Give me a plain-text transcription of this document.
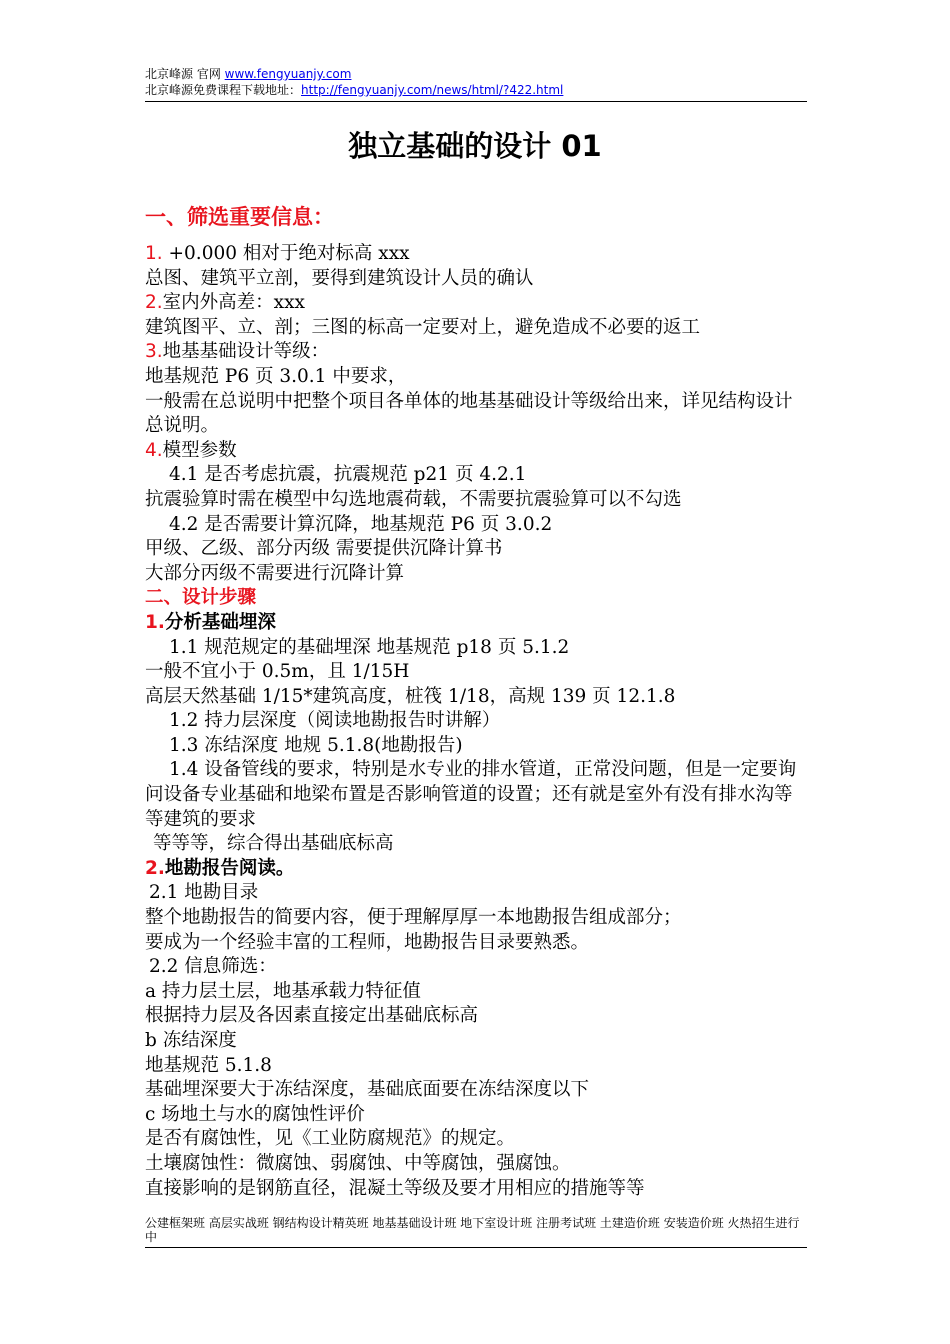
北京峰源 官网 www.fengyuanjy.com
北京峰源免费课程下载地址：http://fengyuanjy.com/news/html/?422.html
独立基础的设计 01
一、筛选重要信息：

1. +0.000 相对于绝对标高 xxx

总图、建筑平立剖，要得到建筑设计人员的确认

2.室内外高差：xxx

建筑图平、立、剖；三图的标高一定要对上，避免造成不必要的返工

3.地基基础设计等级：

地基规范 P6 页 3.0.1 中要求，

一般需在总说明中把整个项目各单体的地基基础设计等级给出来，详见结构设计总说明。

4.模型参数

4.1 是否考虑抗震，抗震规范 p21 页 4.2.1

抗震验算时需在模型中勾选地震荷载，不需要抗震验算可以不勾选

4.2 是否需要计算沉降，地基规范 P6 页 3.0.2

甲级、乙级、部分丙级 需要提供沉降计算书

大部分丙级不需要进行沉降计算

二、设计步骤

1.分析基础埋深

1.1 规范规定的基础埋深 地基规范 p18 页 5.1.2

一般不宜小于 0.5m，且 1/15H

高层天然基础 1/15*建筑高度，桩筏 1/18，高规 139 页 12.1.8

1.2 持力层深度（阅读地勘报告时讲解）

1.3 冻结深度 地规 5.1.8(地勘报告)

1.4 设备管线的要求，特别是水专业的排水管道，正常没问题，但是一定要询问设备专业基础和地梁布置是否影响管道的设置；还有就是室外有没有排水沟等等建筑的要求

等等等，综合得出基础底标高

2.地勘报告阅读。

2.1 地勘目录

整个地勘报告的简要内容，便于理解厚厚一本地勘报告组成部分；

要成为一个经验丰富的工程师，地勘报告目录要熟悉。

2.2 信息筛选：

a 持力层土层，地基承载力特征值

根据持力层及各因素直接定出基础底标高

b 冻结深度

地基规范 5.1.8

基础埋深要大于冻结深度，基础底面要在冻结深度以下

c 场地土与水的腐蚀性评价

是否有腐蚀性，见《工业防腐规范》的规定。

土壤腐蚀性：微腐蚀、弱腐蚀、中等腐蚀，强腐蚀。

直接影响的是钢筋直径，混凝土等级及要才用相应的措施等等

公建框架班 高层实战班 钢结构设计精英班 地基基础设计班 地下室设计班 注册考试班 土建造价班 安装造价班 火热招生进行中
